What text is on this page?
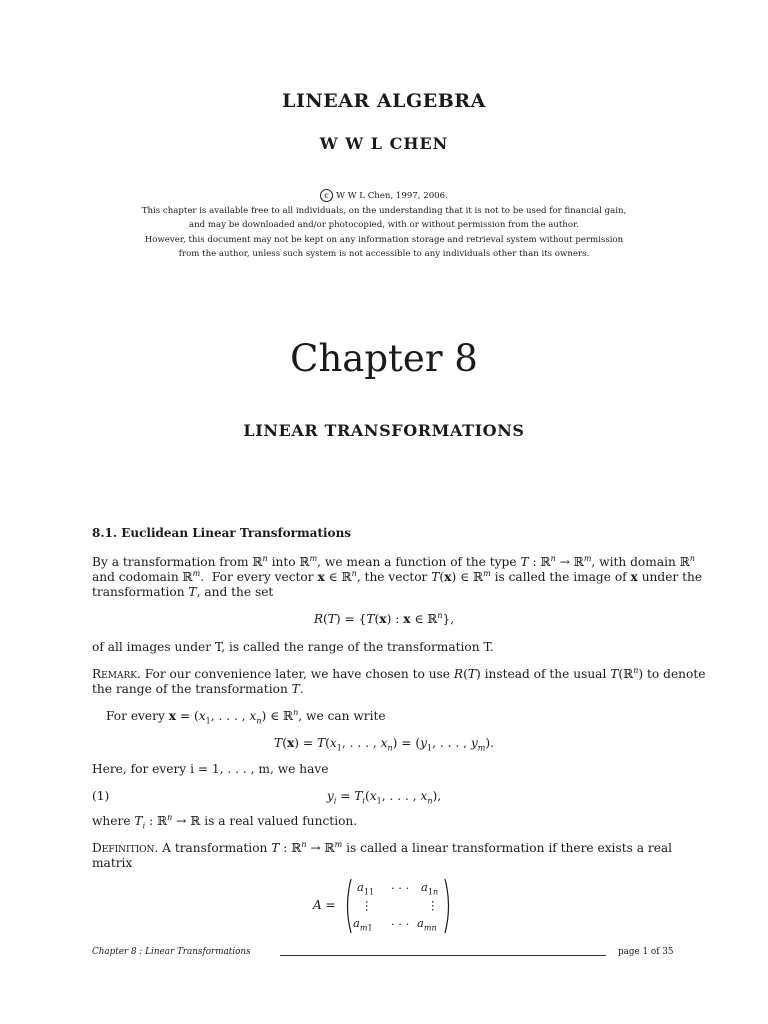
LINEAR ALGEBRA
W W L CHEN
c W W L Chen, 1997, 2006.
This chapter is available free to all individuals, on the understanding that it is not to be used for financial gain,
and may be downloaded and/or photocopied, with or without permission from the author.
However, this document may not be kept on any information storage and retrieval system without permission
from the author, unless such system is not accessible to any individuals other than its owners.
Chapter 8
LINEAR TRANSFORMATIONS
8.1. Euclidean Linear Transformations
By a transformation from ℝ$^n$ into ℝ$^m$, we mean a function of the type T : ℝ$^n$ → ℝ$^m$, with domain ℝ$^n$
and codomain ℝ$^m$.  For every vector x ∈ ℝ$^n$, the vector T(x) ∈ ℝ$^m$ is called the image of x under the
transformation T, and the set
R(T) = {T(x) : x ∈ ℝ$^n$},
of all images under T, is called the range of the transformation T.
Remark. For our convenience later, we have chosen to use R(T) instead of the usual T(ℝ$^n$) to denote
the range of the transformation T.
For every $x = (x_1$, . . . , $x_n$) ∈ ℝ$^n$, we can write
$T(x) = T(x_1$, . . . , $x_n) = (y_1$, . . . , $y_m$).
Here, for every i = 1, . . . , m, we have
(1)	$y_i = T_i(x_1$, . . . , $x_n$),
where $T_i$ : ℝ$^n$ → ℝ is a real valued function.
Definition. A transformation T : ℝ$^n$ → ℝ$^m$ is called a linear transformation if there exists a real
matrix
A =
$a_{11}$ . . . $a_{1n}$
⋮	⋮
$a_{m1}$ . . . $a_{mn}$
Chapter 8 : Linear Transformations	page 1 of 35
